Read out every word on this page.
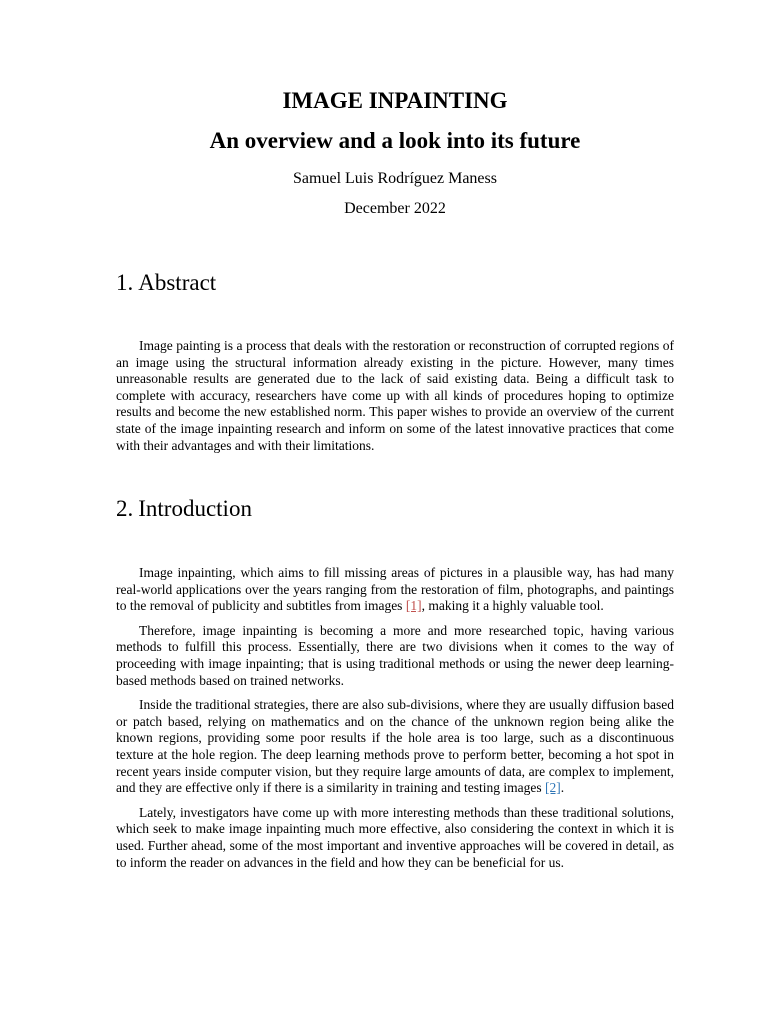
IMAGE INPAINTING
An overview and a look into its future
Samuel Luis Rodríguez Maness
December 2022
1. Abstract

Image painting is a process that deals with the restoration or reconstruction of corrupted regions of an image using the structural information already existing in the picture. However, many times unreasonable results are generated due to the lack of said existing data. Being a difficult task to complete with accuracy, researchers have come up with all kinds of procedures hoping to optimize results and become the new established norm. This paper wishes to provide an overview of the current state of the image inpainting research and inform on some of the latest innovative practices that come with their advantages and with their limitations.

2. Introduction

Image inpainting, which aims to fill missing areas of pictures in a plausible way, has had many real-world applications over the years ranging from the restoration of film, photographs, and paintings to the removal of publicity and subtitles from images [1], making it a highly valuable tool.

Therefore, image inpainting is becoming a more and more researched topic, having various methods to fulfill this process. Essentially, there are two divisions when it comes to the way of proceeding with image inpainting; that is using traditional methods or using the newer deep learning-based methods based on trained networks.

Inside the traditional strategies, there are also sub-divisions, where they are usually diffusion based or patch based, relying on mathematics and on the chance of the unknown region being alike the known regions, providing some poor results if the hole area is too large, such as a discontinuous texture at the hole region. The deep learning methods prove to perform better, becoming a hot spot in recent years inside computer vision, but they require large amounts of data, are complex to implement, and they are effective only if there is a similarity in training and testing images [2].

Lately, investigators have come up with more interesting methods than these traditional solutions, which seek to make image inpainting much more effective, also considering the context in which it is used. Further ahead, some of the most important and inventive approaches will be covered in detail, as to inform the reader on advances in the field and how they can be beneficial for us.
